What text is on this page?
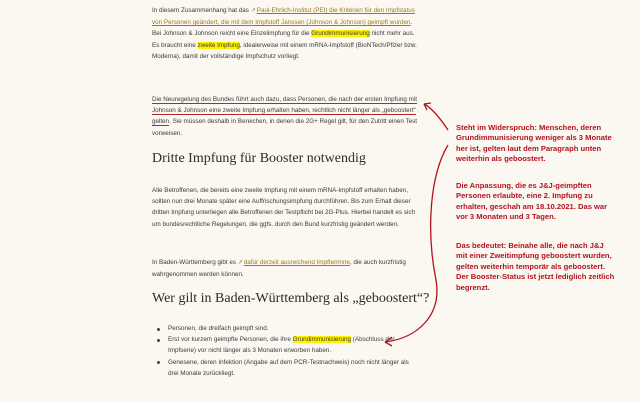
In diesem Zusammenhang hat das ↗Paul-Ehrlich-Institut (PEI) die Kriterien für den Impfstatus von Personen geändert, die mit dem Impfstoff Janssen (Johnson & Johnson) geimpft wurden. Bei Johnson & Johnson reicht eine Einzelimpfung für die Grundimmunisierung nicht mehr aus. Es braucht eine zweite Impfung, idealerweise mit einem mRNA-Impfstoff (BioNTech/Pfizer bzw. Moderna), damit der vollständige Impfschutz vorliegt.

Die Neuregelung des Bundes führt auch dazu, dass Personen, die nach der ersten Impfung mit Johnson & Johnson eine zweite Impfung erhalten haben, rechtlich nicht länger als „geboostert“ gelten. Sie müssen deshalb in Bereichen, in denen die 2G+ Regel gilt, für den Zutritt einen Test vorweisen.

Dritte Impfung für Booster notwendig

Alle Betroffenen, die bereits eine zweite Impfung mit einem mRNA-Impfstoff erhalten haben, sollten nun drei Monate später eine Auffrischungsimpfung durchführen. Bis zum Erhalt dieser dritten Impfung unterliegen alle Betroffenen der Testpflicht bei 2G-Plus. Hierbei handelt es sich um bundesrechtliche Regelungen, die ggfs. durch den Bund kurzfristig geändert werden.

In Baden-Württemberg gibt es ↗dafür derzeit ausreichend Impftermine, die auch kurzfristig wahrgenommen werden können.

Wer gilt in Baden-Württemberg als „geboostert“?
Personen, die dreifach geimpft sind.
Erst vor kurzem geimpfte Personen, die ihre Grundimmunisierung (Abschluss der Impfserie) vor nicht länger als 3 Monaten erworben haben.
Genesene, deren Infektion (Angabe auf dem PCR-Testnachweis) noch nicht länger als drei Monate zurückliegt.
Steht im Widerspruch: Menschen, deren Grundimmunisierung weniger als 3 Monate her ist, gelten laut dem Paragraph unten weiterhin als geboostert.
Die Anpassung, die es J&J-geimpften Personen erlaubte, eine 2. Impfung zu erhalten, geschah am 18.10.2021. Das war vor 3 Monaten und 3 Tagen.
Das bedeutet: Beinahe alle, die nach J&J mit einer Zweitimpfung geboostert wurden, gelten weiterhin temporär als geboostert. Der Booster-Status ist jetzt lediglich zeitlich begrenzt.
